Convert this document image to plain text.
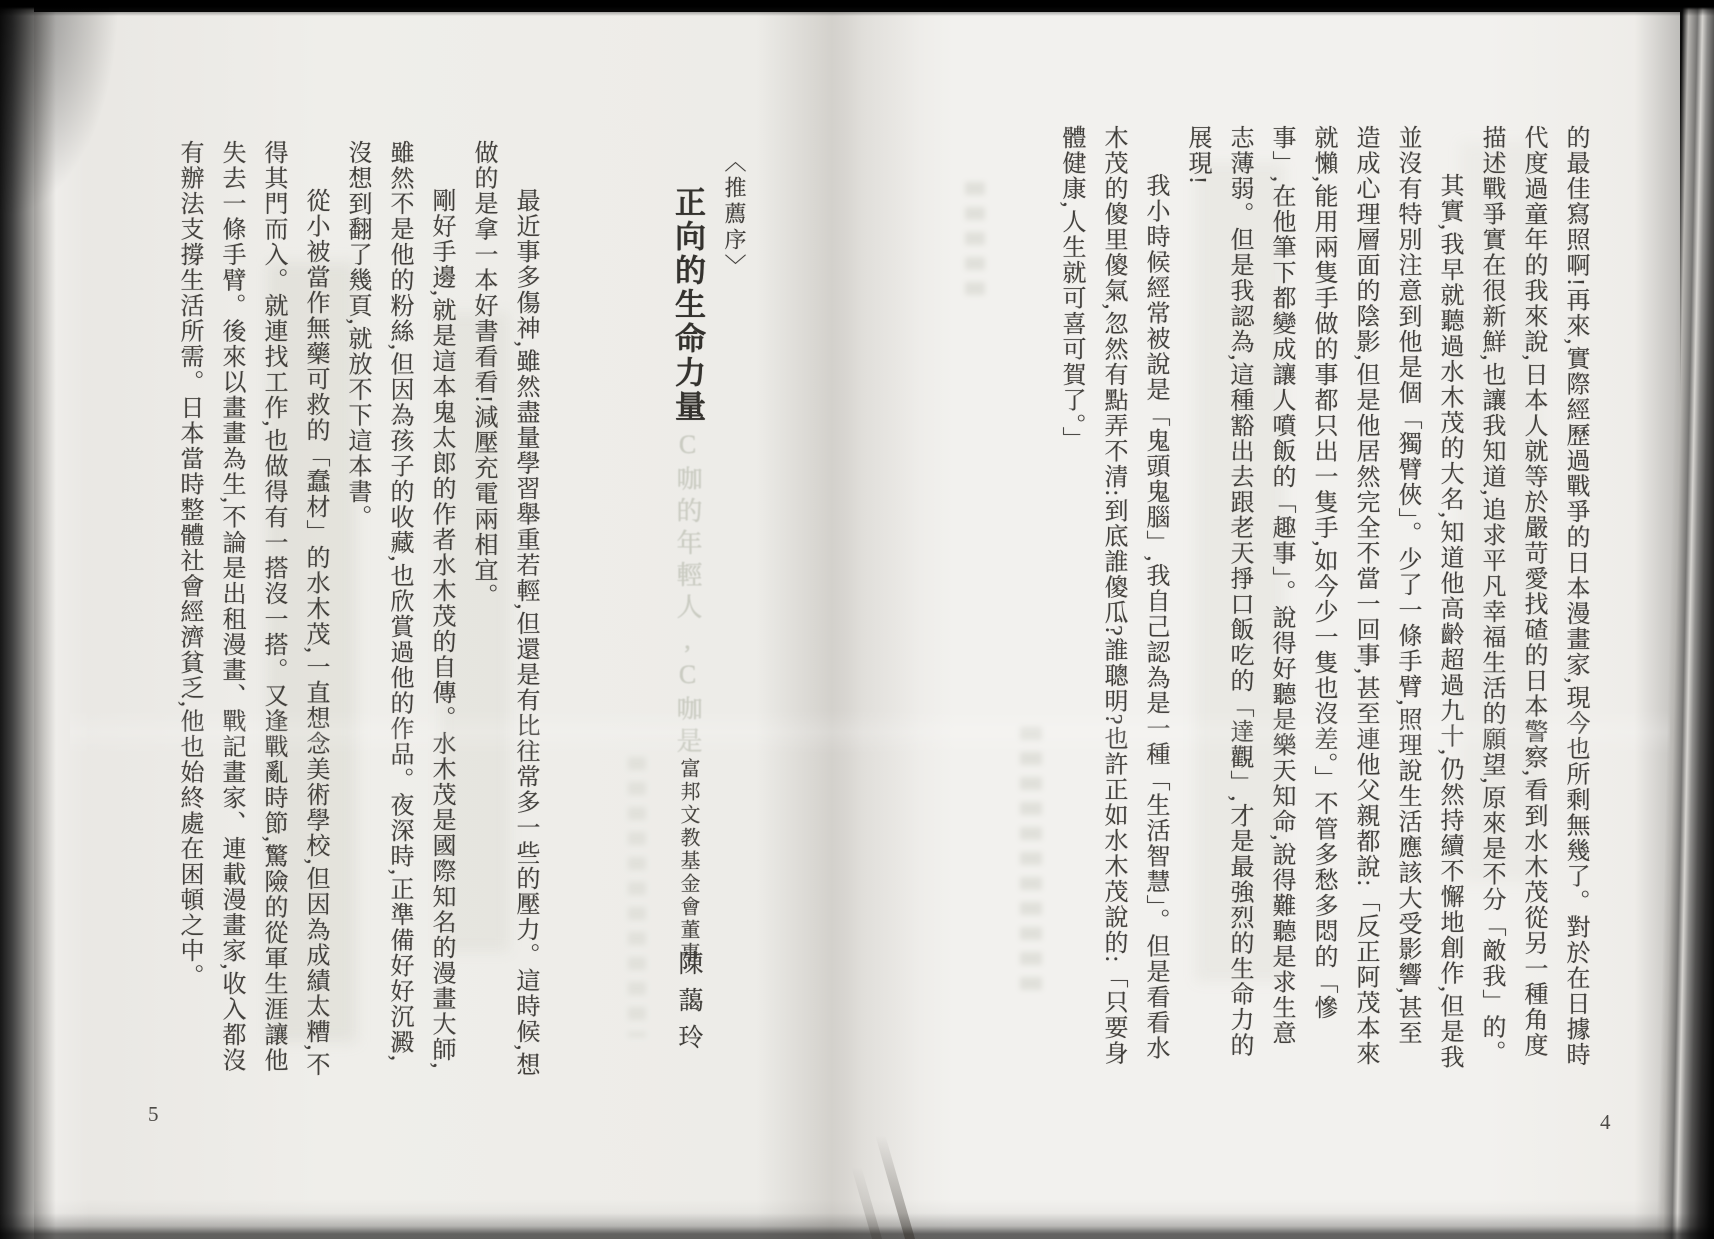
的最佳寫照啊!再來,實際經歷過戰爭的日本漫畫家,現今也所剩無幾了。對於在日據時代度過童年的我來說,日本人就等於嚴苛愛找碴的日本警察,看到水木茂從另一種角度描述戰爭實在很新鮮,也讓我知道,追求平凡幸福生活的願望,原來是不分「敵我」的。

其實,我早就聽過水木茂的大名,知道他高齡超過九十,仍然持續不懈地創作,但是我並沒有特別注意到他是個「獨臂俠」。少了一條手臂,照理說生活應該大受影響,甚至造成心理層面的陰影,但是他居然完全不當一回事,甚至連他父親都說:「反正阿茂本來就懶,能用兩隻手做的事都只出一隻手,如今少一隻也沒差。」不管多愁多悶的「慘事」,在他筆下都變成讓人噴飯的「趣事」。說得好聽是樂天知命,說得難聽是求生意志薄弱。但是我認為,這種豁出去跟老天掙口飯吃的「達觀」,才是最強烈的生命力的展現!

我小時候經常被說是「鬼頭鬼腦」,我自己認為是一種「生活智慧」。但是看看水木茂的傻里傻氣,忽然有點弄不清:到底誰傻瓜?誰聰明?也許正如水木茂說的:「只要身體健康,人生就可喜可賀了。」

4
〈推薦序〉
正向的生命力量
C咖的年輕人,C咖是
富邦文教基金會董事
陳藹玲

最近事多傷神,雖然盡量學習舉重若輕,但還是有比往常多一些的壓力。這時候,想做的是拿一本好書看看!減壓充電兩相宜。

剛好手邊,就是這本鬼太郎的作者水木茂的自傳。水木茂是國際知名的漫畫大師,雖然不是他的粉絲,但因為孩子的收藏,也欣賞過他的作品。夜深時,正準備好好沉澱,沒想到翻了幾頁,就放不下這本書。

從小被當作無藥可救的「蠢材」的水木茂,一直想念美術學校,但因為成績太糟,不得其門而入。就連找工作,也做得有一搭沒一搭。又逢戰亂時節,驚險的從軍生涯讓他失去一條手臂。後來以畫畫為生,不論是出租漫畫、戰記畫家、連載漫畫家,收入都沒有辦法支撐生活所需。日本當時整體社會經濟貧乏,他也始終處在困頓之中。

5
